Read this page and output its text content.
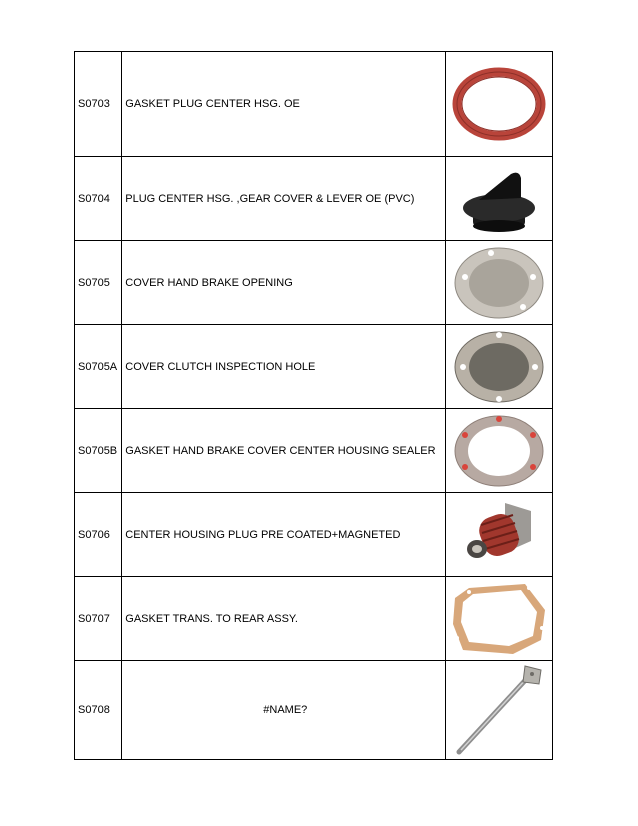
S0703	GASKET PLUG CENTER HSG. OE	

S0704	PLUG CENTER HSG. ,GEAR COVER & LEVER OE (PVC)	

S0705	COVER HAND BRAKE OPENING	

S0705A	COVER CLUTCH INSPECTION HOLE	

S0705B	GASKET HAND BRAKE COVER CENTER HOUSING SEALER	

S0706	CENTER HOUSING PLUG PRE COATED+MAGNETED	

S0707	GASKET TRANS. TO REAR ASSY.	

S0708	#NAME?	
